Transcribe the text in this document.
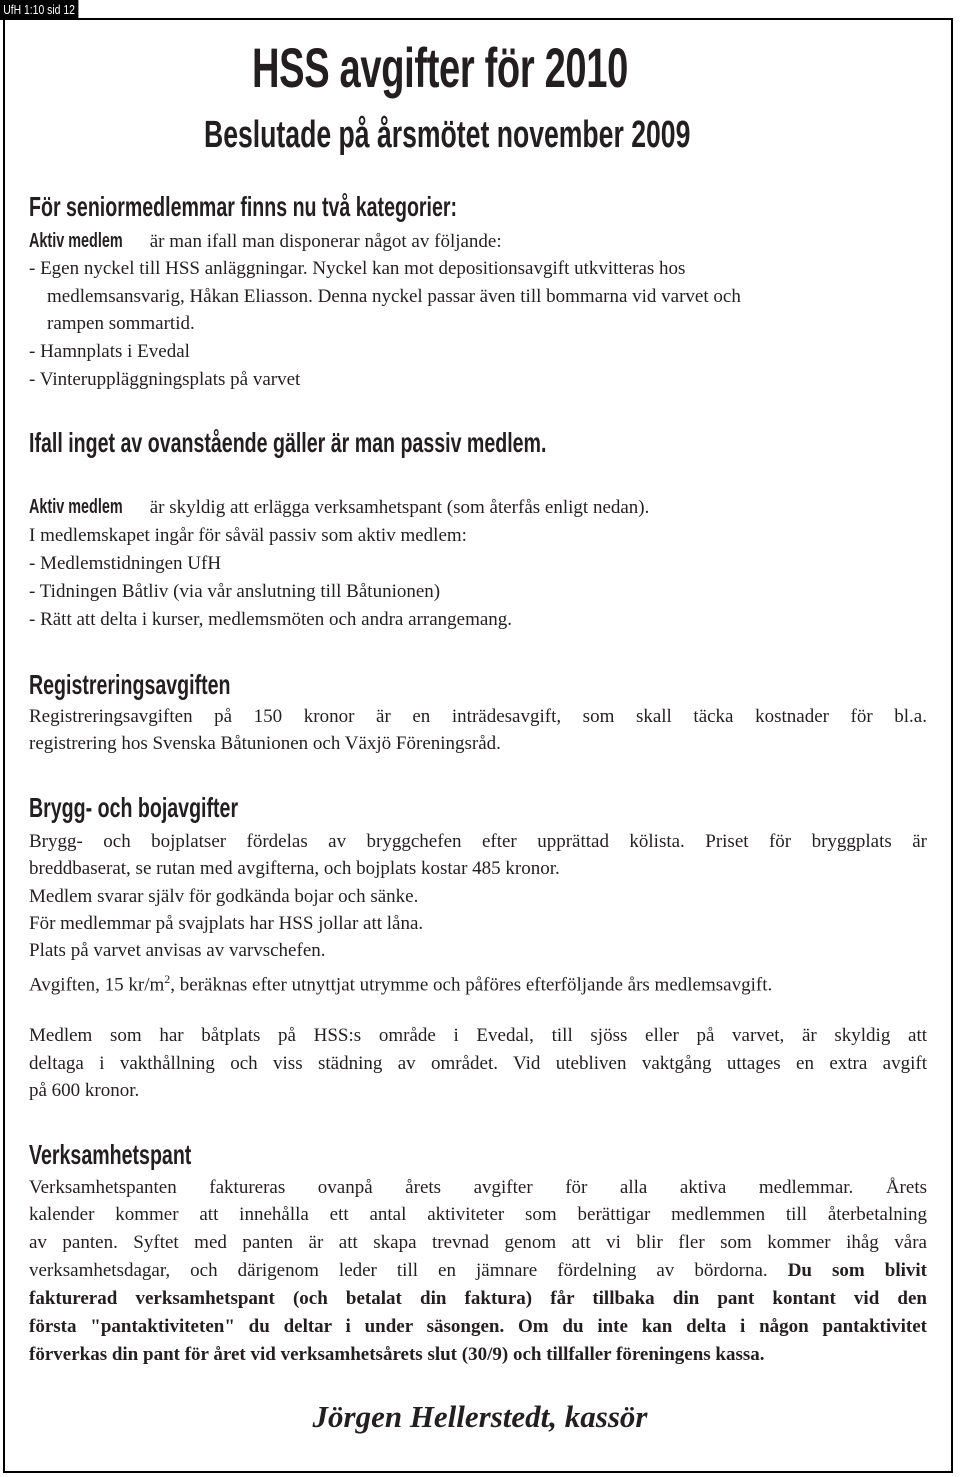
UfH 1:10 sid 12
HSS avgifter för 2010
Beslutade på årsmötet november 2009
För seniormedlemmar finns nu två kategorier:
Aktiv medlem är man ifall man disponerar något av följande:
- Egen nyckel till HSS anläggningar. Nyckel kan mot depositionsavgift utkvitteras hos
medlemsansvarig, Håkan Eliasson. Denna nyckel passar även till bommarna vid varvet och
rampen sommartid.
- Hamnplats i Evedal
- Vinteruppläggningsplats på varvet
Ifall inget av ovanstående gäller är man passiv medlem.
Aktiv medlem är skyldig att erlägga verksamhetspant (som återfås enligt nedan).
I medlemskapet ingår för såväl passiv som aktiv medlem:
- Medlemstidningen UfH
- Tidningen Båtliv (via vår anslutning till Båtunionen)
- Rätt att delta i kurser, medlemsmöten och andra arrangemang.
Registreringsavgiften
Registreringsavgiften på 150 kronor är en inträdesavgift, som skall täcka kostnader för bl.a.
registrering hos Svenska Båtunionen och Växjö Föreningsråd.
Brygg- och bojavgifter
Brygg- och bojplatser fördelas av bryggchefen efter upprättad kölista. Priset för bryggplats är
breddbaserat, se rutan med avgifterna, och bojplats kostar 485 kronor.
Medlem svarar själv för godkända bojar och sänke.
För medlemmar på svajplats har HSS jollar att låna.
Plats på varvet anvisas av varvschefen.
Avgiften, 15 $kr/m^2$, beräknas efter utnyttjat utrymme och påföres efterföljande års medlemsavgift.
Medlem som har båtplats på HSS:s område i Evedal, till sjöss eller på varvet, är skyldig att
deltaga i vakthållning och viss städning av området. Vid utebliven vaktgång uttages en extra avgift
på 600 kronor.
Verksamhetspant
Verksamhetspanten faktureras ovanpå årets avgifter för alla aktiva medlemmar. Årets
kalender kommer att innehålla ett antal aktiviteter som berättigar medlemmen till återbetalning
av panten. Syftet med panten är att skapa trevnad genom att vi blir fler som kommer ihåg våra
verksamhetsdagar, och därigenom leder till en jämnare fördelning av bördorna. Du som blivit
fakturerad verksamhetspant (och betalat din faktura) får tillbaka din pant kontant vid den
första "pantaktiviteten" du deltar i under säsongen. Om du inte kan delta i någon pantaktivitet
förverkas din pant för året vid verksamhetsårets slut (30/9) och tillfaller föreningens kassa.
Jörgen Hellerstedt, kassör
